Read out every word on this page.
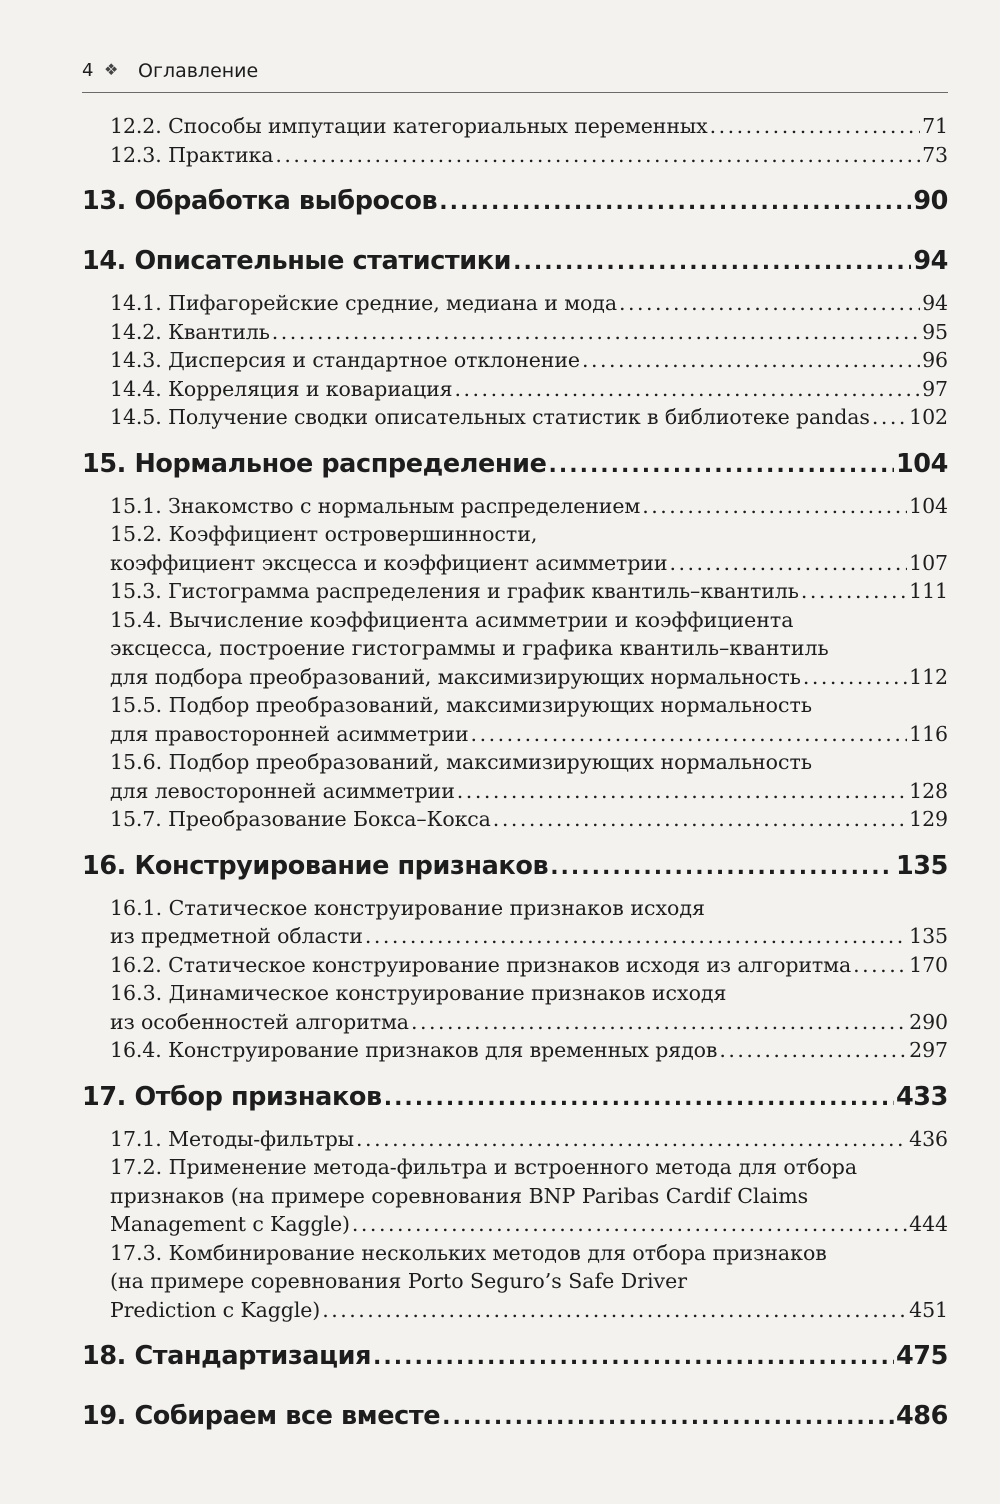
4 ❖	Оглавление
12.2. Способы импутации категориальных переменных .....	71
12.3. Практика .....	73
13. Обработка выбросов .....	90
14. Описательные статистики .....	94
14.1. Пифагорейские средние, медиана и мода .....	94
14.2. Квантиль .....	95
14.3. Дисперсия и стандартное отклонение .....	96
14.4. Корреляция и ковариация .....	97
14.5. Получение сводки описательных статистик в библиотеке pandas ..... 102
15. Нормальное распределение .....	104
15.1. Знакомство с нормальным распределением .....	104
15.2. Коэффициент островершинности,
коэффициент эксцесса и коэффициент асимметрии .....	107
15.3. Гистограмма распределения и график квантиль–квантиль .....	111
15.4. Вычисление коэффициента асимметрии и коэффициента
эксцесса, построение гистограммы и графика квантиль–квантиль
для подбора преобразований, максимизирующих нормальность .....	112
15.5. Подбор преобразований, максимизирующих нормальность
для правосторонней асимметрии .....	116
15.6. Подбор преобразований, максимизирующих нормальность
для левосторонней асимметрии .....	128
15.7. Преобразование Бокса–Кокса .....	129
16. Конструирование признаков .....	135
16.1. Статическое конструирование признаков исходя
из предметной области .....	135
16.2. Статическое конструирование признаков исходя из алгоритма .....	170
16.3. Динамическое конструирование признаков исходя
из особенностей алгоритма .....	290
16.4. Конструирование признаков для временных рядов .....	297
17. Отбор признаков .....	433
17.1. Методы-фильтры .....	436
17.2. Применение метода-фильтра и встроенного метода для отбора
признаков (на примере соревнования BNP Paribas Cardif Claims
Management с Kaggle) .....	444
17.3. Комбинирование нескольких методов для отбора признаков
(на примере соревнования Porto Seguro’s Safe Driver
Prediction с Kaggle) .....	451
18. Стандартизация .....	475
19. Собираем все вместе .....	486
